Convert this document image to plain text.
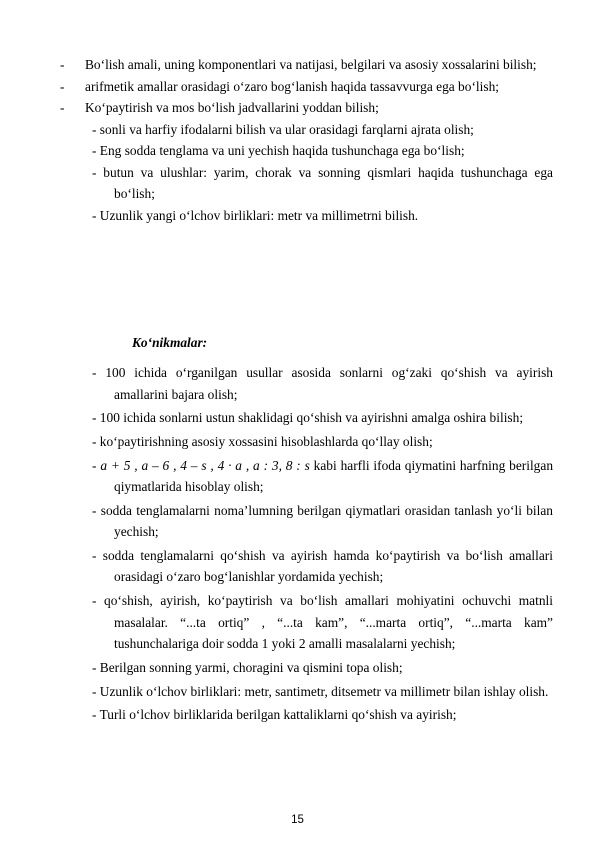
- Bo‘lish amali, uning komponentlari va natijasi, belgilari va asosiy xossalarini bilish;
- arifmetik amallar orasidagi o‘zaro bog‘lanish haqida tassavvurga ega bo‘lish;
- Ko‘paytirish va mos bo‘lish jadvallarini yoddan bilish;
- sonli va harfiy ifodalarni bilish va ular orasidagi farqlarni ajrata olish;
- Eng sodda tenglama va uni yechish haqida tushunchaga ega bo‘lish;
- butun va ulushlar: yarim, chorak va sonning qismlari haqida tushunchaga ega bo‘lish;
- Uzunlik yangi o‘lchov birliklari: metr va millimetrni bilish.
Ko‘nikmalar:
- 100 ichida o‘rganilgan usullar asosida sonlarni og‘zaki qo‘shish va ayirish amallarini bajara olish;
- 100 ichida sonlarni ustun shaklidagi qo‘shish va ayirishni amalga oshira bilish;
- ko‘paytirishning asosiy xossasini hisoblashlarda qo‘llay olish;
- a + 5 , a – 6 , 4 – s , 4 · a , a : 3, 8 : s kabi harfli ifoda qiymatini harfning berilgan qiymatlarida hisoblay olish;
- sodda tenglamalarni noma’lumning berilgan qiymatlari orasidan tanlash yo‘li bilan yechish;
- sodda tenglamalarni qo‘shish va ayirish hamda ko‘paytirish va bo‘lish amallari orasidagi o‘zaro bog‘lanishlar yordamida yechish;
- qo‘shish, ayirish, ko‘paytirish va bo‘lish amallari mohiyatini ochuvchi matnli masalalar. “...ta ortiq” , “...ta kam”, “...marta ortiq”, “...marta kam” tushunchalariga doir sodda 1 yoki 2 amalli masalalarni yechish;
- Berilgan sonning yarmi, choragini va qismini topa olish;
- Uzunlik o‘lchov birliklari: metr, santimetr, ditsemetr va millimetr bilan ishlay olish.
- Turli o‘lchov birliklarida berilgan kattaliklarni qo‘shish va ayirish;
15
